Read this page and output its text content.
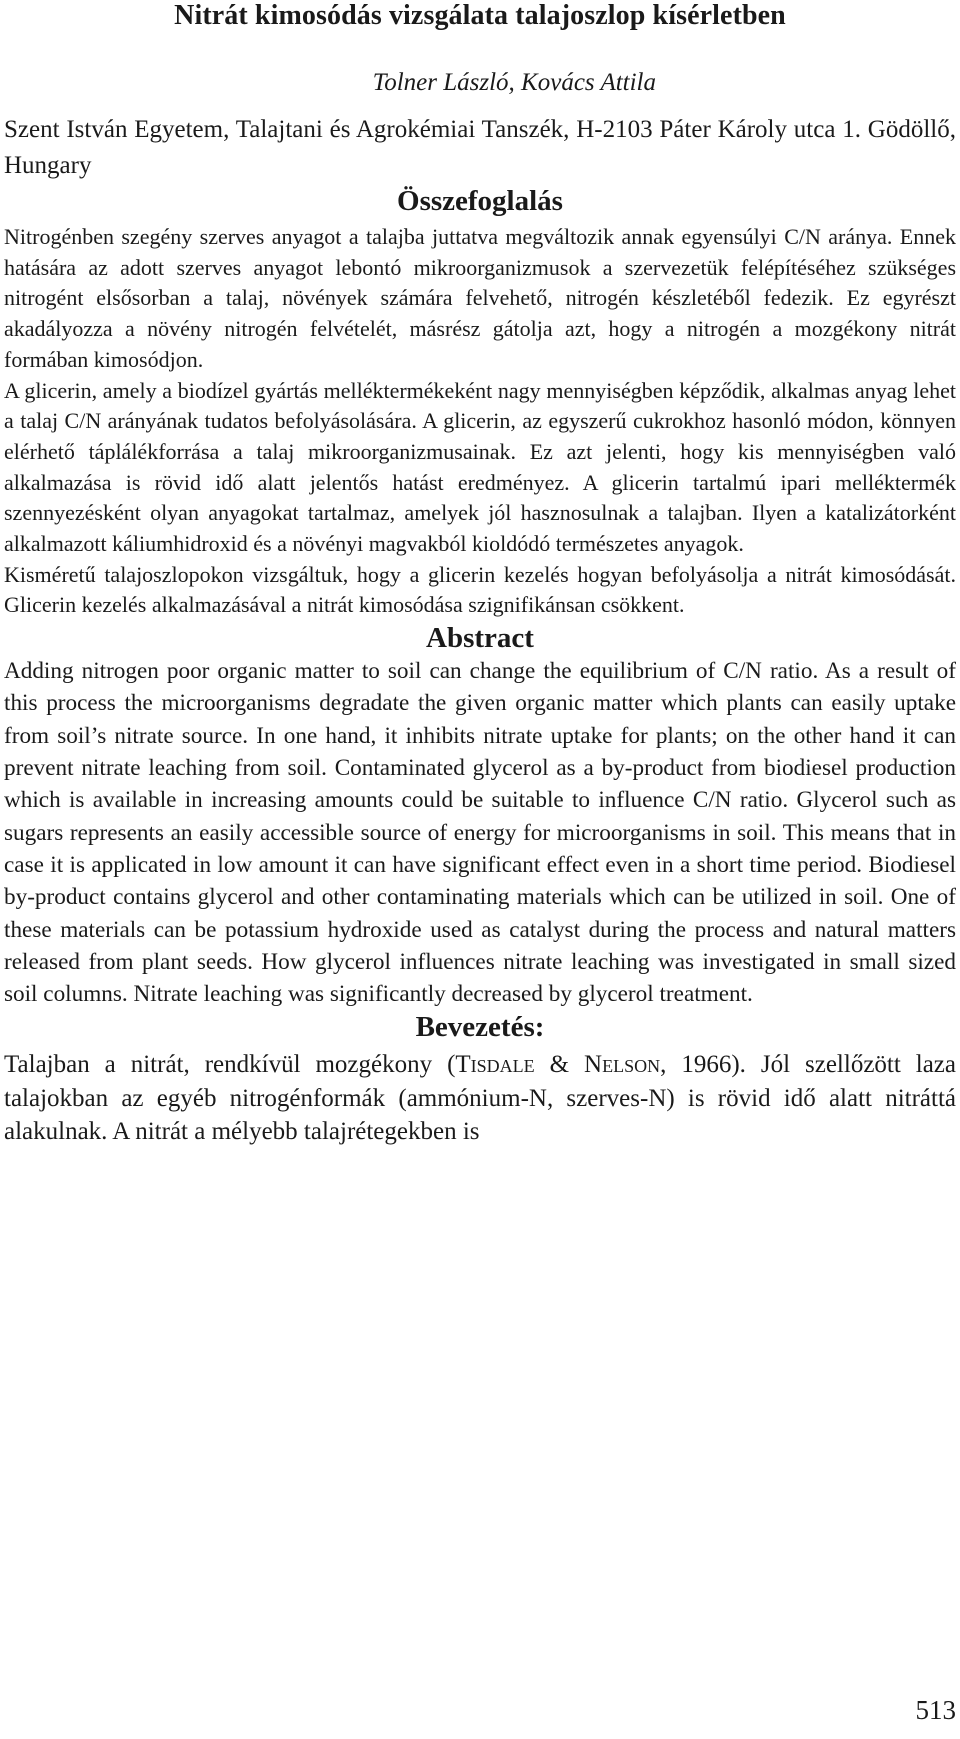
Nitrát kimosódás vizsgálata talajoszlop kísérletben

Tolner László, Kovács Attila

Szent István Egyetem, Talajtani és Agrokémiai Tanszék, H-2103 Páter Károly utca 1. Gödöllő, Hungary

Összefoglalás

Nitrogénben szegény szerves anyagot a talajba juttatva megváltozik annak egyensúlyi C/N aránya. Ennek hatására az adott szerves anyagot lebontó mikroorganizmusok a szervezetük felépítéséhez szükséges nitrogént elsősorban a talaj, növények számára felvehető, nitrogén készletéből fedezik. Ez egyrészt akadályozza a növény nitrogén felvételét, másrész gátolja azt, hogy a nitrogén a mozgékony nitrát formában kimosódjon.

A glicerin, amely a biodízel gyártás melléktermékeként nagy mennyiségben képződik, alkalmas anyag lehet a talaj C/N arányának tudatos befolyásolására. A glicerin, az egyszerű cukrokhoz hasonló módon, könnyen elérhető táplálékforrása a talaj mikroorganizmusainak. Ez azt jelenti, hogy kis mennyiségben való alkalmazása is rövid idő alatt jelentős hatást eredményez. A glicerin tartalmú ipari melléktermék szennyezésként olyan anyagokat tartalmaz, amelyek jól hasznosulnak a talajban. Ilyen a katalizátorként alkalmazott káliumhidroxid és a növényi magvakból kioldódó természetes anyagok.

Kisméretű talajoszlopokon vizsgáltuk, hogy a glicerin kezelés hogyan befolyásolja a nitrát kimosódását. Glicerin kezelés alkalmazásával a nitrát kimosódása szignifikánsan csökkent.

Abstract

Adding nitrogen poor organic matter to soil can change the equilibrium of C/N ratio. As a result of this process the microorganisms degradate the given organic matter which plants can easily uptake from soil’s nitrate source. In one hand, it inhibits nitrate uptake for plants; on the other hand it can prevent nitrate leaching from soil. Contaminated glycerol as a by-product from biodiesel production which is available in increasing amounts could be suitable to influence C/N ratio. Glycerol such as sugars represents an easily accessible source of energy for microorganisms in soil. This means that in case it is applicated in low amount it can have significant effect even in a short time period. Biodiesel by-product contains glycerol and other contaminating materials which can be utilized in soil. One of these materials can be potassium hydroxide used as catalyst during the process and natural matters released from plant seeds. How glycerol influences nitrate leaching was investigated in small sized soil columns. Nitrate leaching was significantly decreased by glycerol treatment.

Bevezetés:

Talajban a nitrát, rendkívül mozgékony (Tisdale & Nelson, 1966). Jól szellőzött laza talajokban az egyéb nitrogénformák (ammónium-N, szerves-N) is rövid idő alatt nitráttá alakulnak. A nitrát a mélyebb talajrétegekben is

513
